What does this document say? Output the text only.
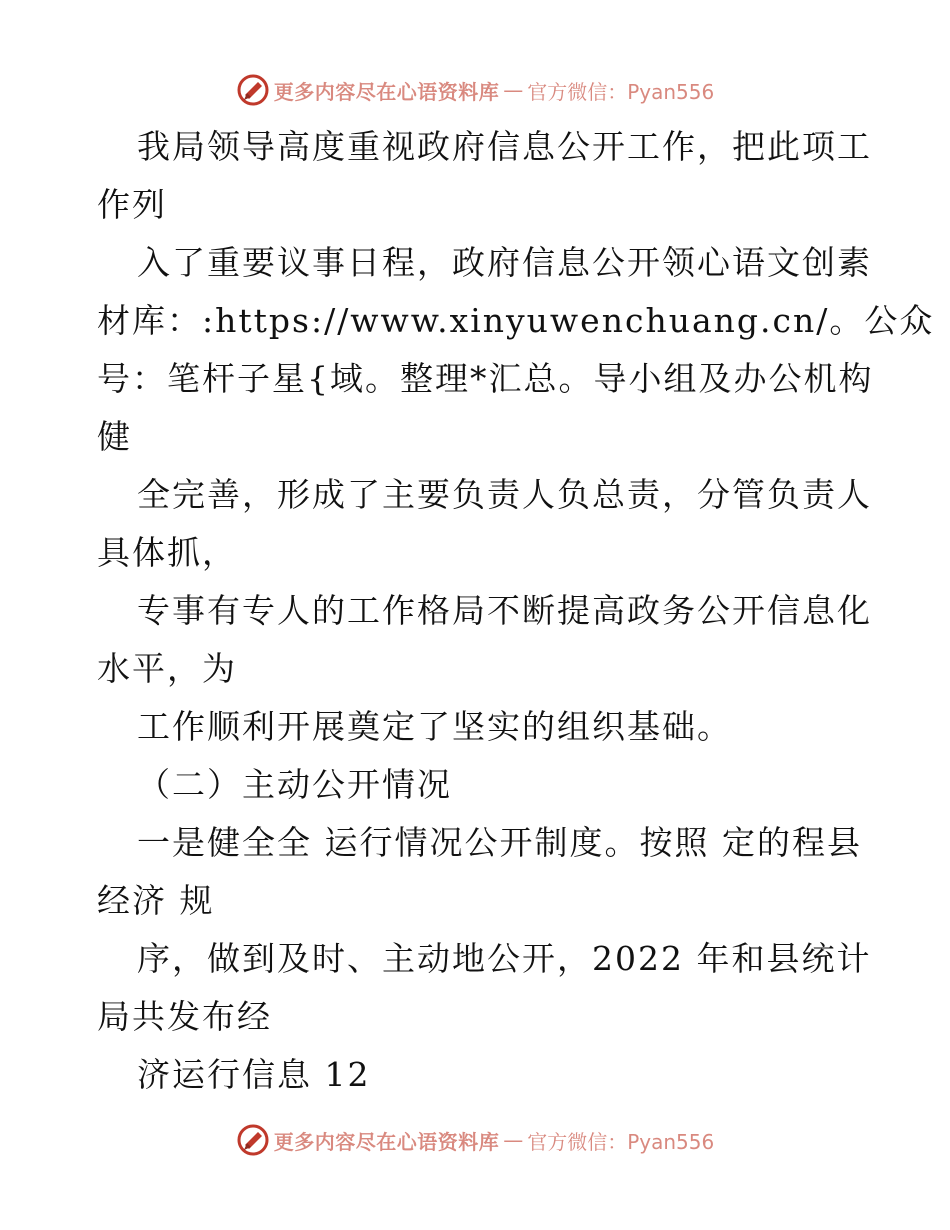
更多内容尽在心语资料库 — 官方微信：Pyan556
我局领导高度重视政府信息公开工作，把此项工
作列
入了重要议事日程，政府信息公开领心语文创素
材库：:https://www.xinyuwenchuang.cn/。公众
号：笔杆子星{域。整理*汇总。导小组及办公机构
健
全完善，形成了主要负责人负总责，分管负责人
具体抓，
专事有专人的工作格局不断提高政务公开信息化
水平，为
工作顺利开展奠定了坚实的组织基础。
（二）主动公开情况
一是健全全 运行情况公开制度。按照 定的程县
经济 规
序，做到及时、主动地公开，2022 年和县统计
局共发布经
济运行信息 12
更多内容尽在心语资料库 — 官方微信：Pyan556
